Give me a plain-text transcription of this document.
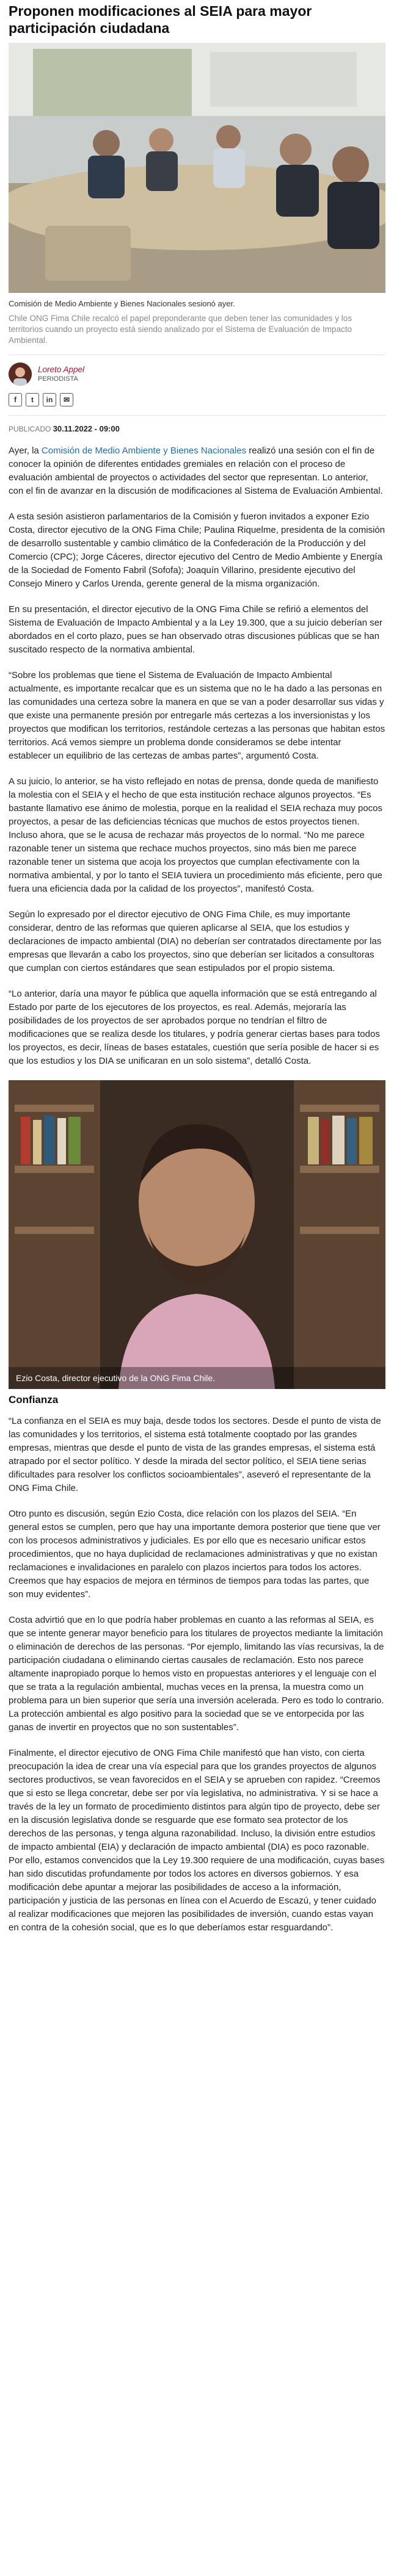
Proponen modificaciones al SEIA para mayor participación ciudadana
Comisión de Medio Ambiente y Bienes Nacionales sesionó ayer.
Chile ONG Fima Chile recalcó el papel preponderante que deben tener las comunidades y los territorios cuando un proyecto está siendo analizado por el Sistema de Evaluación de Impacto Ambiental.
Loreto Appel
PERIODISTA
f	t	in	✉
PUBLICADO 30.11.2022 - 09:00

Ayer, la Comisión de Medio Ambiente y Bienes Nacionales realizó una sesión con el fin de conocer la opinión de diferentes entidades gremiales en relación con el proceso de evaluación ambiental de proyectos o actividades del sector que representan. Lo anterior, con el fin de avanzar en la discusión de modificaciones al Sistema de Evaluación Ambiental.

A esta sesión asistieron parlamentarios de la Comisión y fueron invitados a exponer Ezio Costa, director ejecutivo de la ONG Fima Chile; Paulina Riquelme, presidenta de la comisión de desarrollo sustentable y cambio climático de la Confederación de la Producción y del Comercio (CPC); Jorge Cáceres, director ejecutivo del Centro de Medio Ambiente y Energía de la Sociedad de Fomento Fabril (Sofofa); Joaquín Villarino, presidente ejecutivo del Consejo Minero y Carlos Urenda, gerente general de la misma organización.

En su presentación, el director ejecutivo de la ONG Fima Chile se refirió a elementos del Sistema de Evaluación de Impacto Ambiental y a la Ley 19.300, que a su juicio deberían ser abordados en el corto plazo, pues se han observado otras discusiones públicas que se han suscitado respecto de la normativa ambiental.

“Sobre los problemas que tiene el Sistema de Evaluación de Impacto Ambiental actualmente, es importante recalcar que es un sistema que no le ha dado a las personas en las comunidades una certeza sobre la manera en que se van a poder desarrollar sus vidas y que existe una permanente presión por entregarle más certezas a los inversionistas y los proyectos que modifican los territorios, restándole certezas a las personas que habitan estos territorios. Acá vemos siempre un problema donde consideramos se debe intentar establecer un equilibrio de las certezas de ambas partes”, argumentó Costa.

A su juicio, lo anterior, se ha visto reflejado en notas de prensa, donde queda de manifiesto la molestia con el SEIA y el hecho de que esta institución rechace algunos proyectos. “Es bastante llamativo ese ánimo de molestia, porque en la realidad el SEIA rechaza muy pocos proyectos, a pesar de las deficiencias técnicas que muchos de estos proyectos tienen. Incluso ahora, que se le acusa de rechazar más proyectos de lo normal. “No me parece razonable tener un sistema que rechace muchos proyectos, sino más bien me parece razonable tener un sistema que acoja los proyectos que cumplan efectivamente con la normativa ambiental, y por lo tanto el SEIA tuviera un procedimiento más eficiente, pero que fuera una eficiencia dada por la calidad de los proyectos”, manifestó Costa.

Según lo expresado por el director ejecutivo de ONG Fima Chile, es muy importante considerar, dentro de las reformas que quieren aplicarse al SEIA, que los estudios y declaraciones de impacto ambiental (DIA) no deberían ser contratados directamente por las empresas que llevarán a cabo los proyectos, sino que deberían ser licitados a consultoras que cumplan con ciertos estándares que sean estipulados por el propio sistema.

“Lo anterior, daría una mayor fe pública que aquella información que se está entregando al Estado por parte de los ejecutores de los proyectos, es real. Además, mejoraría las posibilidades de los proyectos de ser aprobados porque no tendrían el filtro de modificaciones que se realiza desde los titulares, y podría generar ciertas bases para todos los proyectos, es decir, líneas de bases estatales, cuestión que sería posible de hacer si es que los estudios y los DIA se unificaran en un solo sistema”, detalló Costa.

Ezio Costa, director ejecutivo de la ONG Fima Chile.
Confianza

“La confianza en el SEIA es muy baja, desde todos los sectores. Desde el punto de vista de las comunidades y los territorios, el sistema está totalmente cooptado por las grandes empresas, mientras que desde el punto de vista de las grandes empresas, el sistema está atrapado por el sector político. Y desde la mirada del sector político, el SEIA tiene serias dificultades para resolver los conflictos socioambientales”, aseveró el representante de la ONG Fima Chile.

Otro punto es discusión, según Ezio Costa, dice relación con los plazos del SEIA. “En general estos se cumplen, pero que hay una importante demora posterior que tiene que ver con los procesos administrativos y judiciales. Es por ello que es necesario unificar estos procedimientos, que no haya duplicidad de reclamaciones administrativas y que no existan reclamaciones e invalidaciones en paralelo con plazos inciertos para todos los actores. Creemos que hay espacios de mejora en términos de tiempos para todas las partes, que son muy evidentes”.

Costa advirtió que en lo que podría haber problemas en cuanto a las reformas al SEIA, es que se intente generar mayor beneficio para los titulares de proyectos mediante la limitación o eliminación de derechos de las personas. “Por ejemplo, limitando las vías recursivas, la de participación ciudadana o eliminando ciertas causales de reclamación. Esto nos parece altamente inapropiado porque lo hemos visto en propuestas anteriores y el lenguaje con el que se trata a la regulación ambiental, muchas veces en la prensa, la muestra como un problema para un bien superior que sería una inversión acelerada. Pero es todo lo contrario. La protección ambiental es algo positivo para la sociedad que se ve entorpecida por las ganas de invertir en proyectos que no son sustentables”.

Finalmente, el director ejecutivo de ONG Fima Chile manifestó que han visto, con cierta preocupación la idea de crear una vía especial para que los grandes proyectos de algunos sectores productivos, se vean favorecidos en el SEIA y se aprueben con rapidez. “Creemos que si esto se llega concretar, debe ser por vía legislativa, no administrativa. Y si se hace a través de la ley un formato de procedimiento distintos para algún tipo de proyecto, debe ser en la discusión legislativa donde se resguarde que ese formato sea protector de los derechos de las personas, y tenga alguna razonabilidad. Incluso, la división entre estudios de impacto ambiental (EIA) y declaración de impacto ambiental (DIA) es poco razonable. Por ello, estamos convencidos que la Ley 19.300 requiere de una modificación, cuyas bases han sido discutidas profundamente por todos los actores en diversos gobiernos. Y esa modificación debe apuntar a mejorar las posibilidades de acceso a la información, participación y justicia de las personas en línea con el Acuerdo de Escazú, y tener cuidado al realizar modificaciones que mejoren las posibilidades de inversión, cuando estas vayan en contra de la cohesión social, que es lo que deberíamos estar resguardando”.
